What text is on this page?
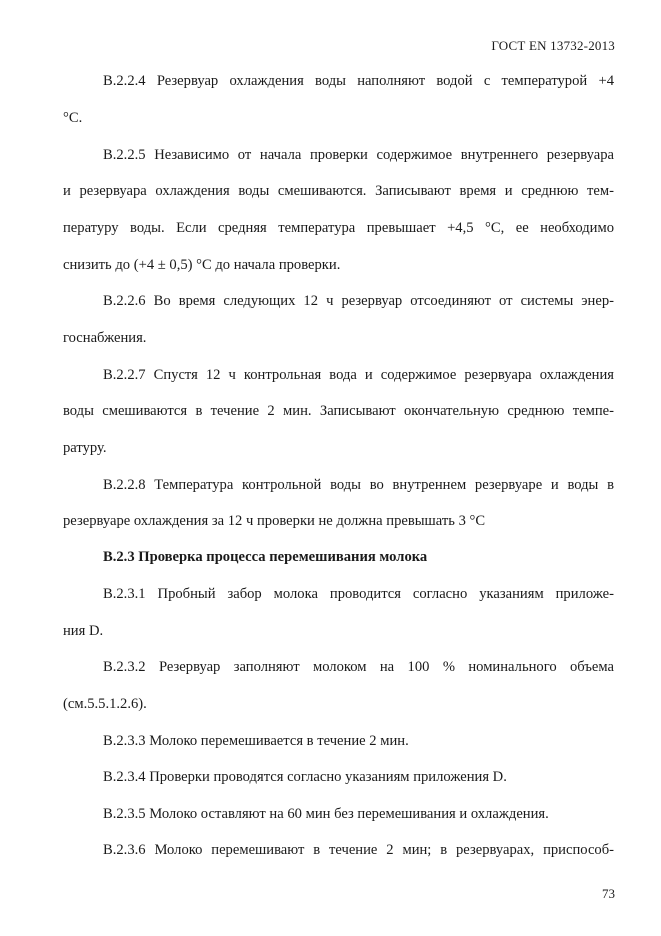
ГОСТ EN 13732-2013
B.2.2.4 Резервуар охлаждения воды наполняют водой с температурой +4
°С.
B.2.2.5 Независимо от начала проверки содержимое внутреннего резервуара
и резервуара охлаждения воды смешиваются. Записывают время и среднюю тем-
пературу воды. Если средняя температура превышает +4,5 °С, ее необходимо
снизить до (+4 ± 0,5) °С до начала проверки.
B.2.2.6 Во время следующих 12 ч резервуар отсоединяют от системы энер-
госнабжения.
B.2.2.7 Спустя 12 ч контрольная вода и содержимое резервуара охлаждения
воды смешиваются в течение 2 мин. Записывают окончательную среднюю темпе-
ратуру.
B.2.2.8 Температура контрольной воды во внутреннем резервуаре и воды в
резервуаре охлаждения за 12 ч проверки не должна превышать 3 °С
В.2.3 Проверка процесса перемешивания молока
B.2.3.1 Пробный забор молока проводится согласно указаниям приложе-
ния D.
B.2.3.2 Резервуар заполняют молоком на 100 % номинального объема
(см.5.5.1.2.6).
B.2.3.3 Молоко перемешивается в течение 2 мин.
B.2.3.4 Проверки проводятся согласно указаниям приложения D.
B.2.3.5 Молоко оставляют на 60 мин без перемешивания и охлаждения.
B.2.3.6 Молоко перемешивают в течение 2 мин; в резервуарах, приспособ-
73
